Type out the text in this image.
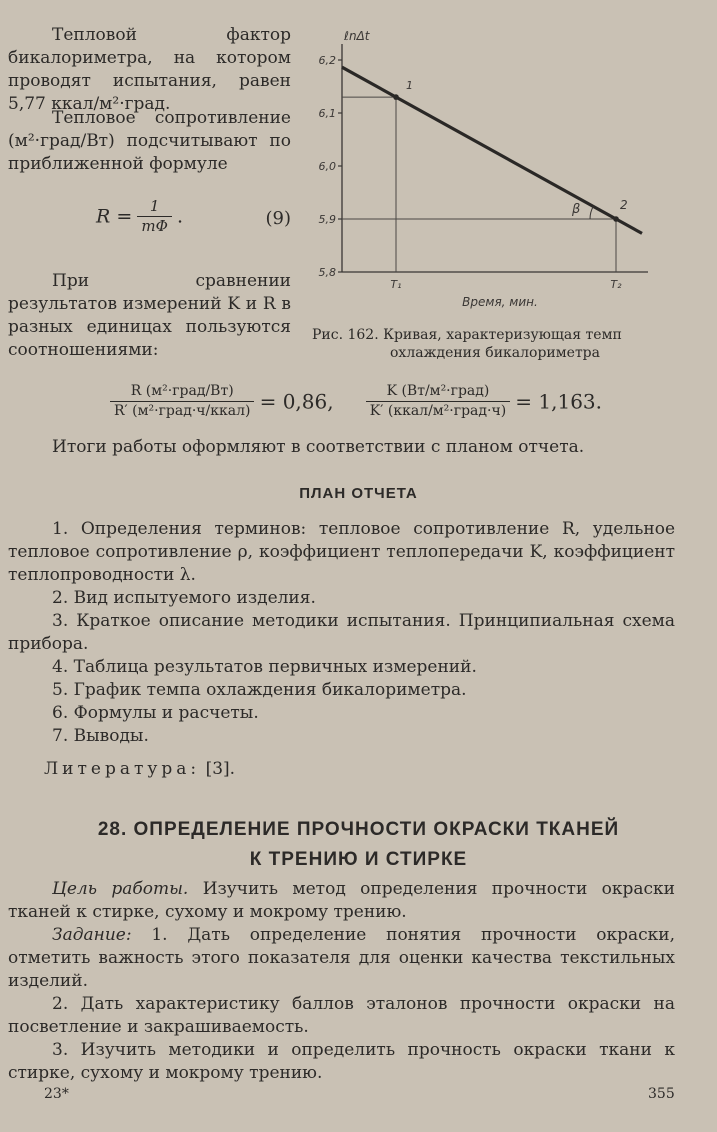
Тепловой фактор бикалориметра, на котором проводят испытания, равен 5,77 ккал/м²·град.

Тепловое сопротивление (м²·град/Вт) подсчитывают по приближенной формуле

$R = \frac{1}{m\Phi}$ .	(9)

При сравнении результатов измерений K и R в разных единицах пользуются соотношениями:

ℓnΔt
6,2
6,1
6,0
5,9
5,8
1
2
β
T₁	T₂
Время, мин.
Рис. 162. Кривая, характеризующая темп
охлаждения бикалориметра
$\frac{\text{R (м²·град/Вт)}}{\text{R′ (м²·град·ч/ккал)}} = 0,86$, $\frac{\text{K (Вт/м²·град)}}{\text{K′ (ккал/м²·град·ч)}} = 1,163$.

Итоги работы оформляют в соответствии с планом отчета.

ПЛАН ОТЧЕТА

1. Определения терминов: тепловое сопротивление R, удельное тепловое сопротивление ρ, коэффициент теплопередачи K, коэффициент теплопроводности λ.

2. Вид испытуемого изделия.

3. Краткое описание методики испытания. Принципиальная схема прибора.

4. Таблица результатов первичных измерений.

5. График темпа охлаждения бикалориметра.

6. Формулы и расчеты.

7. Выводы.

Литература: [3].

28. ОПРЕДЕЛЕНИЕ ПРОЧНОСТИ ОКРАСКИ ТКАНЕЙ
К ТРЕНИЮ И СТИРКЕ

Цель работы. Изучить метод определения прочности окраски тканей к стирке, сухому и мокрому трению.

Задание: 1. Дать определение понятия прочности окраски, отметить важность этого показателя для оценки качества текстильных изделий.

2. Дать характеристику баллов эталонов прочности окраски на посветление и закрашиваемость.

3. Изучить методики и определить прочность окраски ткани к стирке, сухому и мокрому трению.

23*	355
